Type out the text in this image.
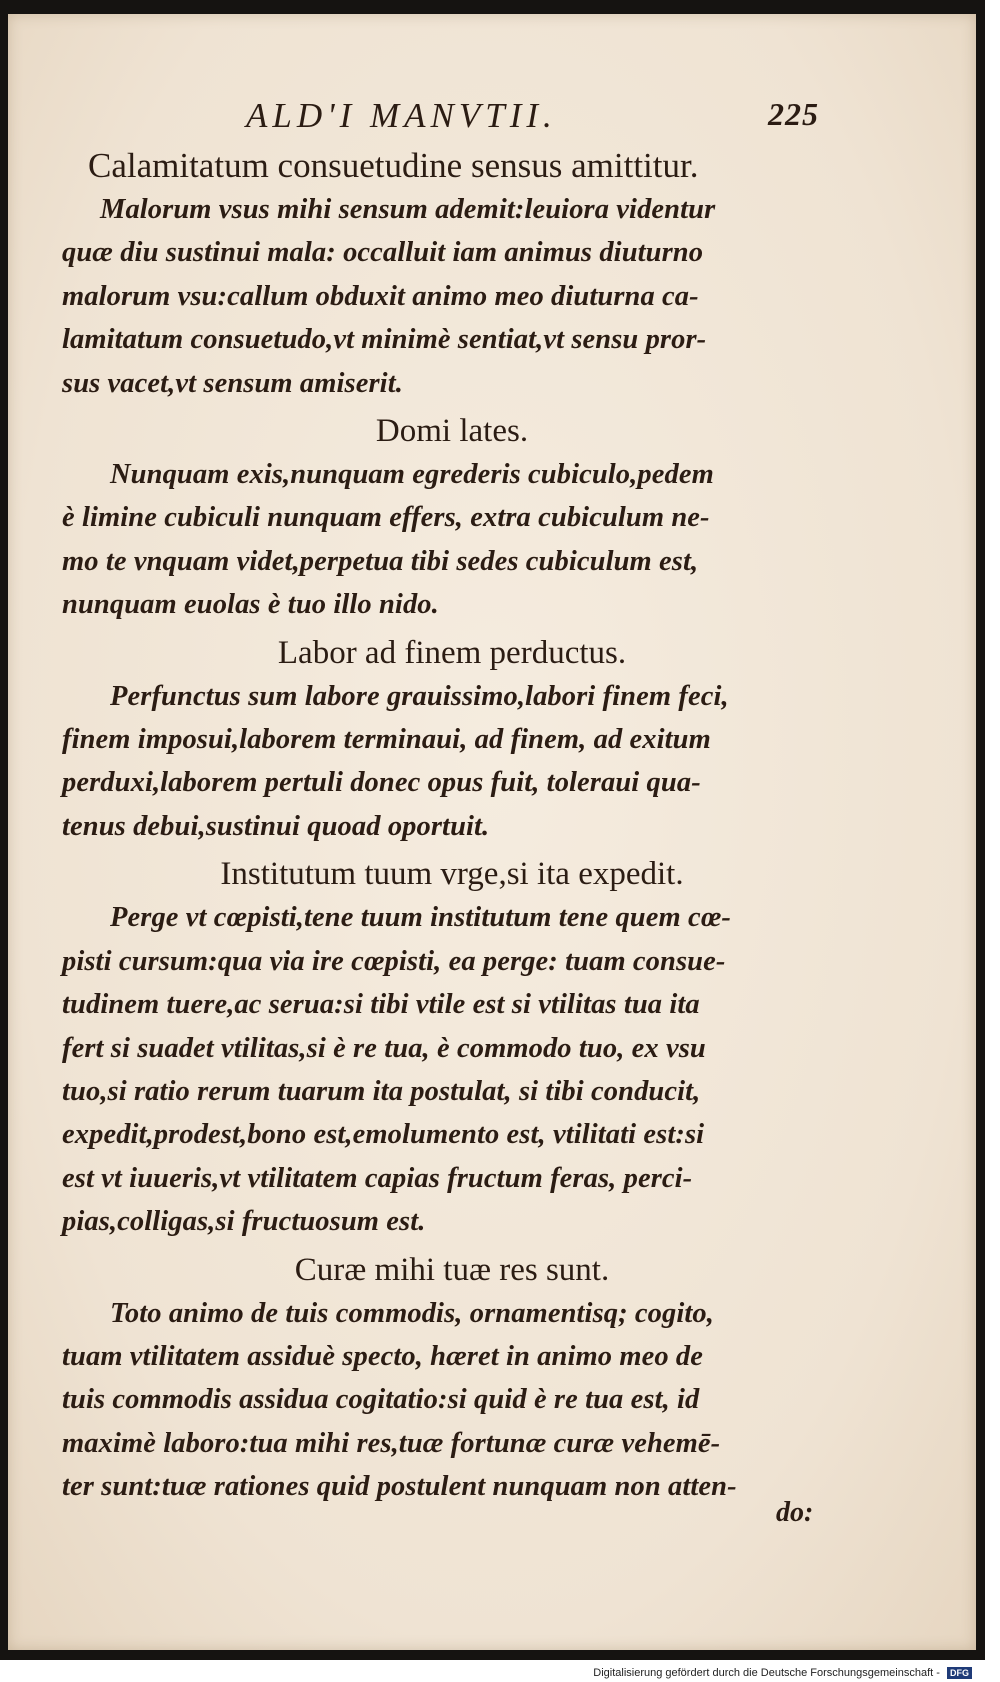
ALD'I MANVTII.	225

Calamitatum consuetudine sensus amittitur.

Malorum vsus mihi sensum ademit:leuiora videntur

quæ diu sustinui mala: occalluit iam animus diuturno

malorum vsu:callum obduxit animo meo diuturna ca-

lamitatum consuetudo,vt minimè sentiat,vt sensu pror-

sus vacet,vt sensum amiserit.

Domi lates.

Nunquam exis,nunquam egrederis cubiculo,pedem

è limine cubiculi nunquam effers, extra cubiculum ne-

mo te vnquam videt,perpetua tibi sedes cubiculum est,

nunquam euolas è tuo illo nido.

Labor ad finem perductus.

Perfunctus sum labore grauissimo,labori finem feci,

finem imposui,laborem terminaui, ad finem, ad exitum

perduxi,laborem pertuli donec opus fuit, toleraui qua-

tenus debui,sustinui quoad oportuit.

Institutum tuum vrge,si ita expedit.

Perge vt cœpisti,tene tuum institutum tene quem cœ-

pisti cursum:qua via ire cœpisti, ea perge: tuam consue-

tudinem tuere,ac serua:si tibi vtile est si vtilitas tua ita

fert si suadet vtilitas,si è re tua, è commodo tuo, ex vsu

tuo,si ratio rerum tuarum ita postulat, si tibi conducit,

expedit,prodest,bono est,emolumento est, vtilitati est:si

est vt iuueris,vt vtilitatem capias fructum feras, perci-

pias,colligas,si fructuosum est.

Curæ mihi tuæ res sunt.

Toto animo de tuis commodis, ornamentisq; cogito,

tuam vtilitatem assiduè specto, hæret in animo meo de

tuis commodis assidua cogitatio:si quid è re tua est, id

maximè laboro:tua mihi res,tuæ fortunæ curæ vehemē-

ter sunt:tuæ rationes quid postulent nunquam non atten-

do:
Digitalisierung gefördert durch die Deutsche Forschungsgemeinschaft - DFG
